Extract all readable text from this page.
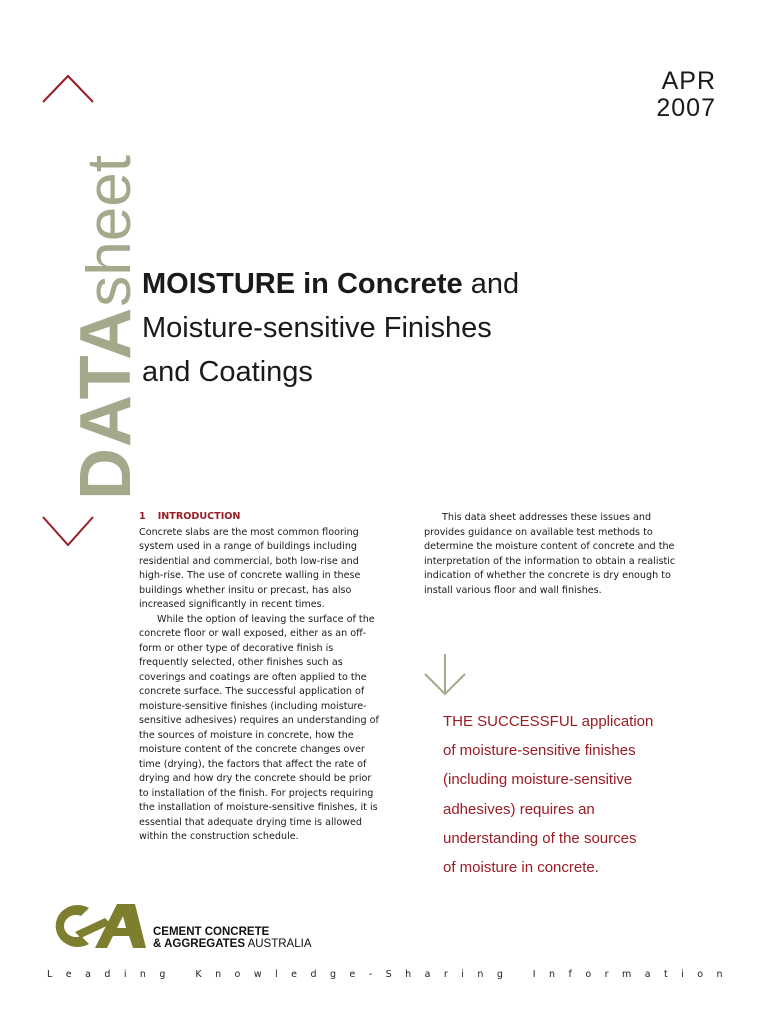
DATAsheet
APR
2007
MOISTURE in Concrete and
Moisture-sensitive Finishes
and Coatings
1 INTRODUCTION

Concrete slabs are the most common flooring system used in a range of buildings including residential and commercial, both low-rise and high-rise. The use of concrete walling in these buildings whether insitu or precast, has also increased significantly in recent times.

While the option of leaving the surface of the concrete floor or wall exposed, either as an off-form or other type of decorative finish is frequently selected, other finishes such as coverings and coatings are often applied to the concrete surface. The successful application of moisture-sensitive finishes (including moisture-sensitive adhesives) requires an understanding of the sources of moisture in concrete, how the moisture content of the concrete changes over time (drying), the factors that affect the rate of drying and how dry the concrete should be prior to installation of the finish. For projects requiring the installation of moisture-sensitive finishes, it is essential that adequate drying time is allowed within the construction schedule.

This data sheet addresses these issues and provides guidance on available test methods to determine the moisture content of concrete and the interpretation of the information to obtain a realistic indication of whether the concrete is dry enough to install various floor and wall finishes.

THE SUCCESSFUL application
of moisture-sensitive finishes
(including moisture-sensitive
adhesives) requires an
understanding of the sources
of moisture in concrete.
CEMENT CONCRETE
& AGGREGATES AUSTRALIA
L e a d i n g
	K n o w l e d g e - S h a r i n g
	I n f o r m a t i o n
